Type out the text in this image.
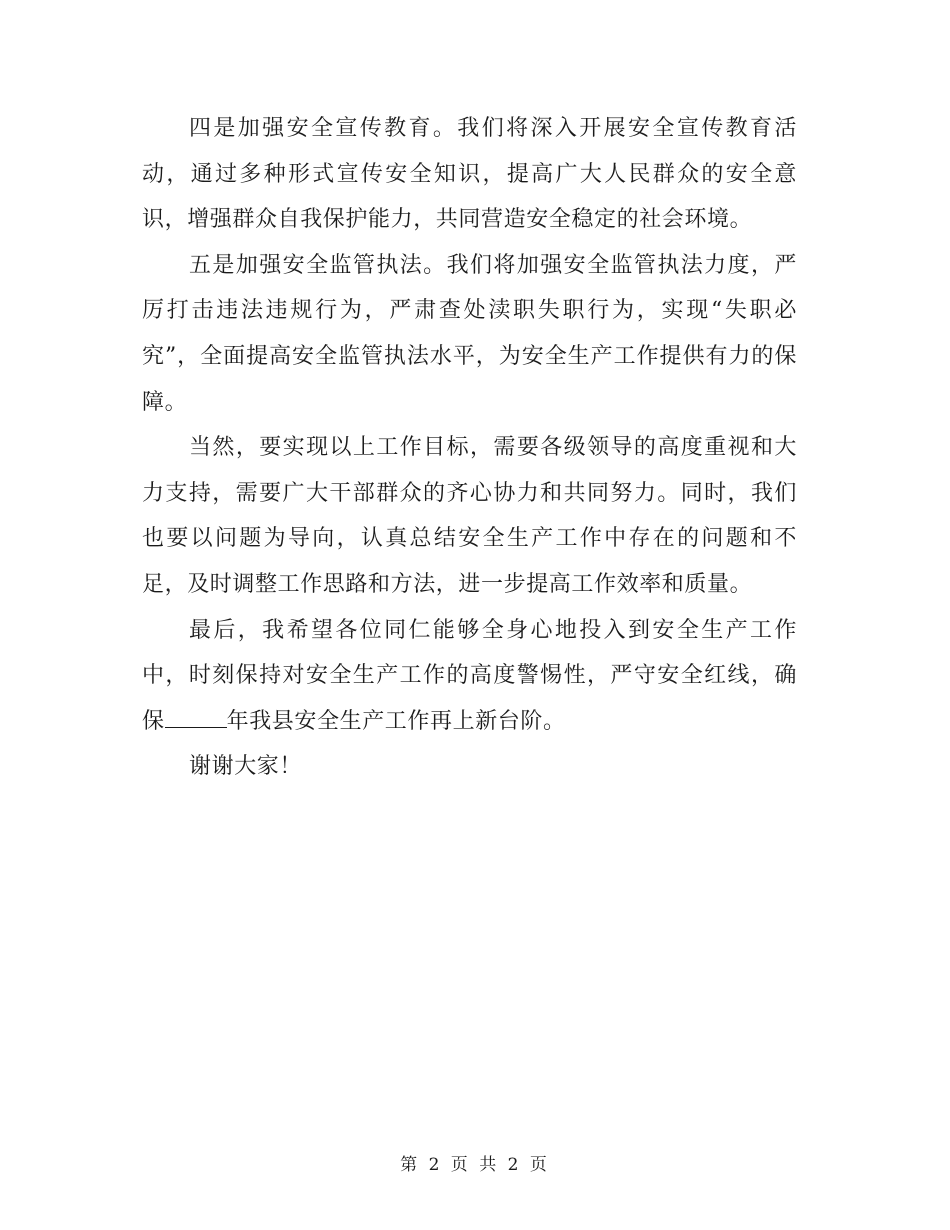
四是加强安全宣传教育。我们将深入开展安全宣传教育活动，通过多种形式宣传安全知识，提高广大人民群众的安全意识，增强群众自我保护能力，共同营造安全稳定的社会环境。

五是加强安全监管执法。我们将加强安全监管执法力度，严厉打击违法违规行为，严肃查处渎职失职行为，实现“失职必究”，全面提高安全监管执法水平，为安全生产工作提供有力的保障。

当然，要实现以上工作目标，需要各级领导的高度重视和大力支持，需要广大干部群众的齐心协力和共同努力。同时，我们也要以问题为导向，认真总结安全生产工作中存在的问题和不足，及时调整工作思路和方法，进一步提高工作效率和质量。

最后，我希望各位同仁能够全身心地投入到安全生产工作中，时刻保持对安全生产工作的高度警惕性，严守安全红线，确保	年我县安全生产工作再上新台阶。

谢谢大家！

第 2 页 共 2 页
